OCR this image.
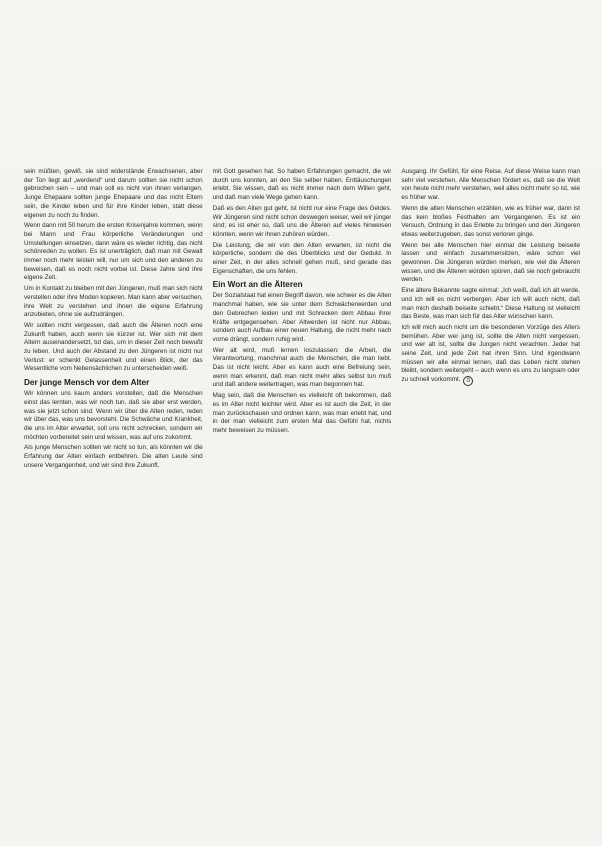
sein müßten, gewiß, sie sind widerstände Erwachsenen, aber der Ton liegt auf „werdend“ und darum sollten sie nicht schon gebrochen sein – und man soll es nicht von ihnen verlangen. Junge Ehepaare sollten junge Ehepaare und das nicht Eltern sein, die Kinder leben und für ihre Kinder leben, statt diese eigenen zu noch zu finden.

Wenn dann mit 50 herum die ersten Krisenjahre kommen, wenn bei Mann und Frau körperliche Veränderungen und Umstellungen einsetzen, dann wäre es wieder richtig, das nicht schönreden zu wollen. Es ist unerträglich, daß man mit Gewalt immer noch mehr leisten will, nur um sich und den anderen zu beweisen, daß es noch nicht vorbei ist. Diese Jahre sind ihre eigene Zeit.

Um in Kontakt zu bleiben mit den Jüngeren, muß man sich nicht verstellen oder ihre Moden kopieren. Man kann aber versuchen, ihre Welt zu verstehen und ihnen die eigene Erfahrung anzubieten, ohne sie aufzudrängen.

Wir sollten nicht vergessen, daß auch die Älteren noch eine Zukunft haben, auch wenn sie kürzer ist. Wer sich mit dem Altern auseinandersetzt, tut das, um in dieser Zeit noch bewußt zu leben. Und auch der Abstand zu den Jüngeren ist nicht nur Verlust: er schenkt Gelassenheit und einen Blick, der das Wesentliche vom Nebensächlichen zu unterscheiden weiß.

Der junge Mensch vor dem Alter

Wir können uns kaum anders vorstellen, daß die Menschen einst das lernten, was wir noch tun, daß sie aber erst werden, was sie jetzt schon sind. Wenn wir über die Alten reden, reden wir über das, was uns bevorsteht. Die Schwäche und Krankheit, die uns im Alter erwartet, soll uns nicht schrecken, sondern wir möchten vorbereitet sein und wissen, was auf uns zukommt.

Als junge Menschen sollten wir nicht so tun, als könnten wir die Erfahrung der Alten einfach entbehren. Die alten Leute sind unsere Vergangenheit, und wir sind ihre Zukunft.

mit Gott gesehen hat. So haben Erfahrungen gemacht, die wir durch uns konnten, an den Sie selber haben. Enttäuschungen erlebt. Sie wissen, daß es nicht immer nach dem Willen geht, und daß man viele Wege gehen kann.

Daß es den Alten gut geht, ist nicht nur eine Frage des Geldes. Wir Jüngeren sind nicht schon deswegen weiser, weil wir jünger sind; es ist eher so, daß uns die Älteren auf vieles hinweisen könnten, wenn wir ihnen zuhören würden.

Die Leistung, die wir von den Alten erwarten, ist nicht die körperliche, sondern die des Überblicks und der Geduld. In einer Zeit, in der alles schnell gehen muß, sind gerade das Eigenschaften, die uns fehlen.

Ein Wort an die Älteren

Der Sozialstaat hat einen Begriff davon, wie schwer es die Alten manchmal haben, wie sie unter dem Schwächerwerden und den Gebrechen leiden und mit Schrecken dem Abbau ihrer Kräfte entgegensehen. Aber Altwerden ist nicht nur Abbau, sondern auch Aufbau einer neuen Haltung, die nicht mehr nach vorne drängt, sondern ruhig wird.

Wer alt wird, muß lernen loszulassen: die Arbeit, die Verantwortung, manchmal auch die Menschen, die man liebt. Das ist nicht leicht. Aber es kann auch eine Befreiung sein, wenn man erkennt, daß man nicht mehr alles selbst tun muß und daß andere weitertragen, was man begonnen hat.

Mag sein, daß die Menschen es vielleicht oft bekommen, daß es im Alter nicht leichter wird. Aber es ist auch die Zeit, in der man zurückschauen und ordnen kann, was man erlebt hat, und in der man vielleicht zum ersten Mal das Gefühl hat, nichts mehr beweisen zu müssen.

Ausgang. Ihr Gefühl, für eine Reise. Auf diese Weise kann man sehr viel verstehen. Alle Menschen fördert es, daß sie die Welt von heute nicht mehr verstehen, weil alles nicht mehr so ist, wie es früher war.

Wenn die alten Menschen erzählen, wie es früher war, dann ist das kein bloßes Festhalten am Vergangenen. Es ist ein Versuch, Ordnung in das Erlebte zu bringen und den Jüngeren etwas weiterzugeben, das sonst verloren ginge.

Wenn bei alle Menschen hier einmal die Leistung beiseite lassen und einfach zusammensitzen, wäre schon viel gewonnen. Die Jüngeren würden merken, wie viel die Älteren wissen, und die Älteren würden spüren, daß sie noch gebraucht werden.

Eine ältere Bekannte sagte einmal: „Ich weiß, daß ich alt werde, und ich will es nicht verbergen. Aber ich will auch nicht, daß man mich deshalb beiseite schiebt.“ Diese Haltung ist vielleicht das Beste, was man sich für das Alter wünschen kann.

Ich will mich auch nicht um die besonderen Vorzüge des Alters bemühen. Aber wer jung ist, sollte die Alten nicht vergessen, und wer alt ist, sollte die Jungen nicht verachten. Jeder hat seine Zeit, und jede Zeit hat ihren Sinn. Und irgendwann müssen wir alle einmal lernen, daß das Leben nicht stehen bleibt, sondern weitergeht – auch wenn es uns zu langsam oder zu schnell vorkommt. Ö
